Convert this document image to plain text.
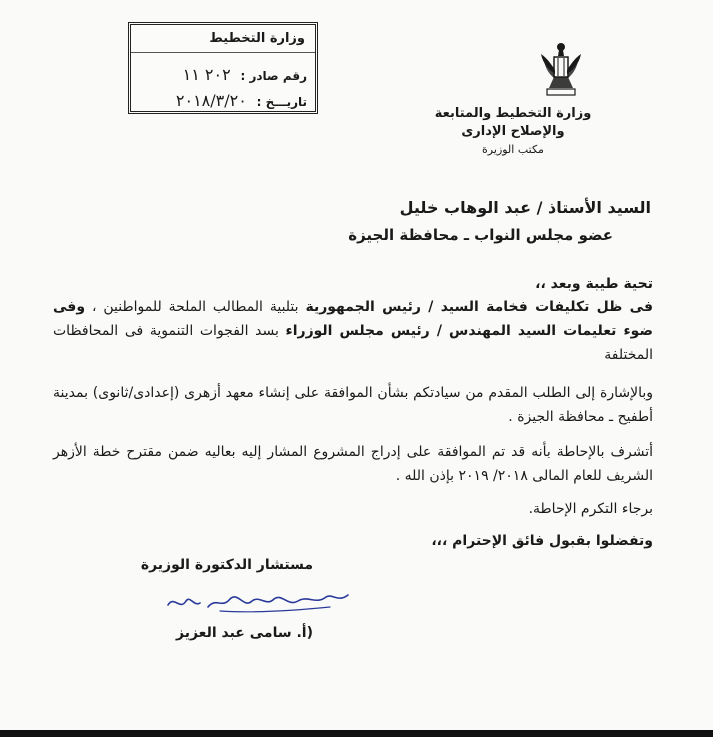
وزارة التخطيط
رقم صادر : ٢٠٢ ١١
تاريـــخ : ٢٠١٨/٣/٢٠
وزارة التخطيط والمتابعة
والإصلاح الإدارى
مكتب الوزيرة
السيد الأستاذ / عبد الوهاب خليل
عضو مجلس النواب ـ محافظة الجيزة
تحية طيبة وبعد ،،
فى ظل تكليفات فخامة السيد / رئيس الجمهورية بتلبية المطالب الملحة للمواطنين ، وفى ضوء تعليمات السيد المهندس / رئيس مجلس الوزراء بسد الفجوات التنموية فى المحافظات المختلفة
وبالإشارة إلى الطلب المقدم من سيادتكم بشأن الموافقة على إنشاء معهد أزهرى (إعدادى/ثانوى) بمدينة أطفيح ـ محافظة الجيزة .
أتشرف بالإحاطة بأنه قد تم الموافقة على إدراج المشروع المشار إليه بعاليه ضمن مقترح خطة الأزهر الشريف للعام المالى ٢٠١٨/ ٢٠١٩ بإذن الله .
برجاء التكرم الإحاطة.
وتفضلوا بقبول فائق الإحترام ،،،
مستشار الدكتورة الوزيرة
(أ. سامى عبد العزيز
